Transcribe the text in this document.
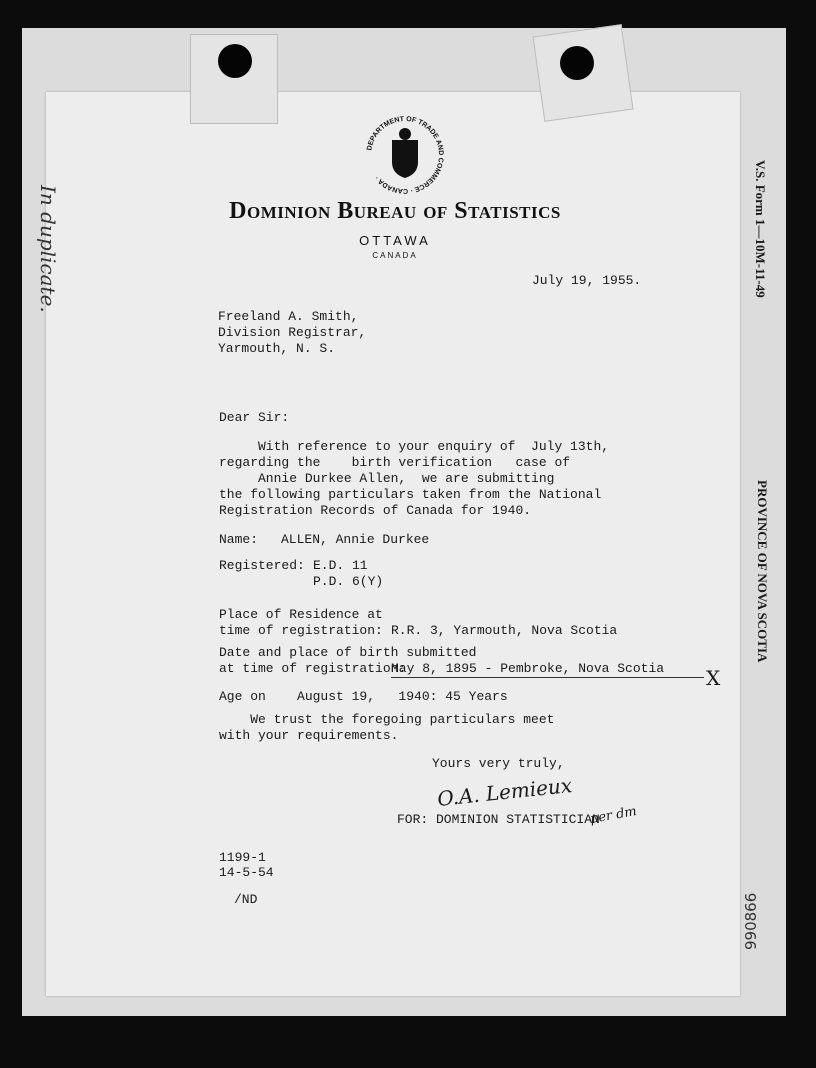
In duplicate.	V.S. Form 1—10M-11-49
PROVINCE OF NOVA SCOTIA
990866
DEPARTMENT OF TRADE AND COMMERCE · CANADA ·
Dominion Bureau of Statistics
OTTAWA
CANADA
July 19, 1955.
Freeland A. Smith,
Division Registrar,
Yarmouth, N. S.
Dear Sir:
With reference to your enquiry of  July 13th,
regarding the    birth verification   case of
Annie Durkee Allen,  we are submitting
the following particulars taken from the National
Registration Records of Canada for 1940.
Name: ALLEN, Annie Durkee
Registered: E.D. 11
P.D. 6(Y)
Place of Residence at
time of registration: R.R. 3, Yarmouth, Nova Scotia
Date and place of birth submitted
at time of registration:
May 8, 1895 - Pembroke, Nova Scotia	X
Age on    August 19,   1940: 45 Years
We trust the foregoing particulars meet
with your requirements.
Yours very truly,
O.A. Lemieux
FOR: DOMINION STATISTICIAN
per dm
1199-1
14-5-54
/ND
